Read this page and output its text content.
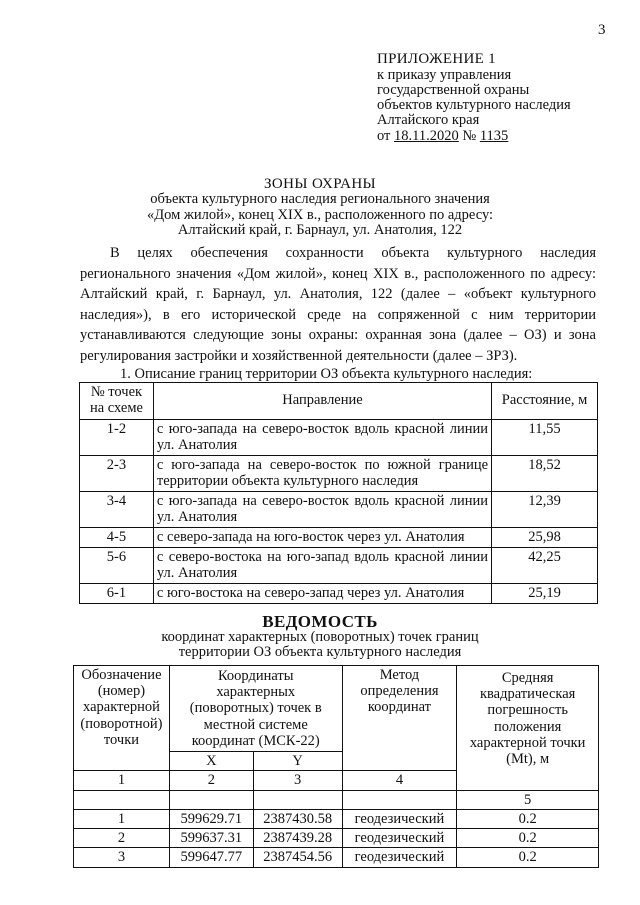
3
ПРИЛОЖЕНИЕ 1
к приказу управления
государственной охраны
объектов культурного наследия
Алтайского края
от 18.11.2020 № 1135
ЗОНЫ ОХРАНЫ
объекта культурного наследия регионального значения
«Дом жилой», конец XIX в., расположенного по адресу:
Алтайский край, г. Барнаул, ул. Анатолия, 122

В целях обеспечения сохранности объекта культурного наследия регионального значения «Дом жилой», конец XIX в., расположенного по адресу: Алтайский край, г. Барнаул, ул. Анатолия, 122 (далее – «объект культурного наследия»), в его исторической среде на сопряженной с ним территории устанавливаются следующие зоны охраны: охранная зона (далее – ОЗ) и зона регулирования застройки и хозяйственной деятельности (далее – ЗРЗ).

1. Описание границ территории ОЗ объекта культурного наследия:
№ точек на схеме	Направление	Расстояние, м
1-2	с юго-запада на северо-восток вдоль красной линии ул. Анатолия	11,55
2-3	с юго-запада на северо-восток по южной границе территории объекта культурного наследия	18,52
3-4	с юго-запада на северо-восток вдоль красной линии ул. Анатолия	12,39
4-5	с северо-запада на юго-восток через ул. Анатолия	25,98
5-6	с северо-востока на юго-запад вдоль красной линии ул. Анатолия	42,25
6-1	с юго-востока на северо-запад через ул. Анатолия	25,19
ВЕДОМОСТЬ
координат характерных (поворотных) точек границ
территории ОЗ объекта культурного наследия
Обозначение (номер) характерной (поворотной) точки	Координаты характерных (поворотных) точек в местной системе координат (МСК-22)		Метод определения координат	Средняя квадратическая погрешность положения характерной точки (Mt), м
	X	Y		
1	2	3	4	
				5
1	599629.71	2387430.58	геодезический	0.2
2	599637.31	2387439.28	геодезический	0.2
3	599647.77	2387454.56	геодезический	0.2
